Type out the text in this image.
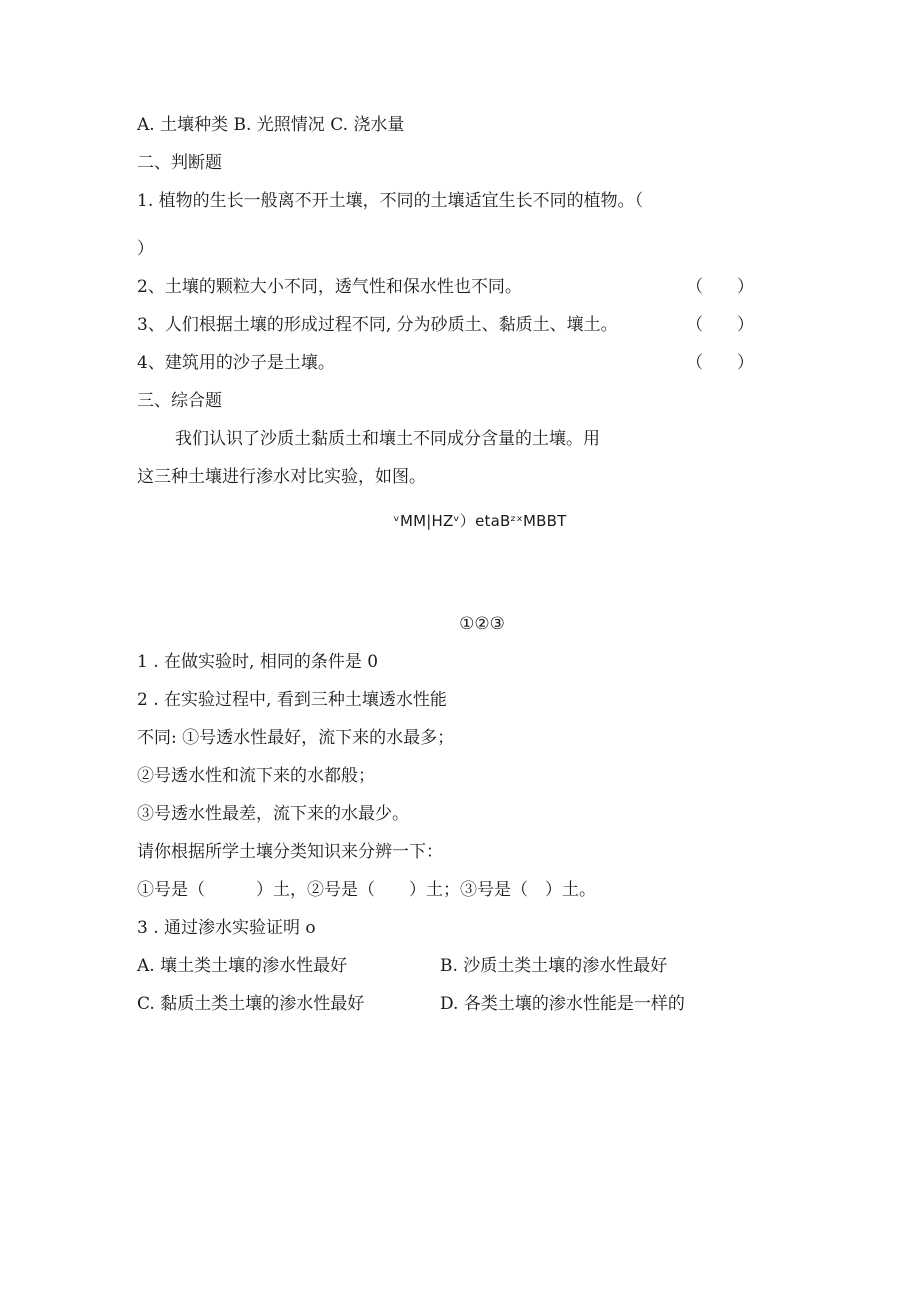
A. 土壤种类 B. 光照情况 C. 浇水量
二、判断题
1. 植物的生长一般离不开土壤，不同的土壤适宜生长不同的植物。（
）
2、土壤的颗粒大小不同，透气性和保水性也不同。	（　　）
3、人们根据土壤的形成过程不同, 分为砂质土、黏质土、壤土。	（　　）
4、建筑用的沙子是土壤。	（　　）
三、综合题
我们认识了沙质土黏质土和壤土不同成分含量的土壤。用
这三种土壤进行渗水对比实验，如图。
ᵛMM|HZᵛ）etaBᶻˣMBBT
①②③
1 . 在做实验时, 相同的条件是 0
2 . 在实验过程中, 看到三种土壤透水性能
不同: ①号透水性最好，流下来的水最多；
②号透水性和流下来的水都般；
③号透水性最差，流下来的水最少。
请你根据所学土壤分类知识来分辨一下：
①号是（　　　）土，②号是（　　）土；③号是（　）土。
3 . 通过渗水实验证明 o
A. 壤土类土壤的渗水性最好	B. 沙质土类土壤的渗水性最好
C. 黏质土类土壤的渗水性最好	D. 各类土壤的渗水性能是一样的
